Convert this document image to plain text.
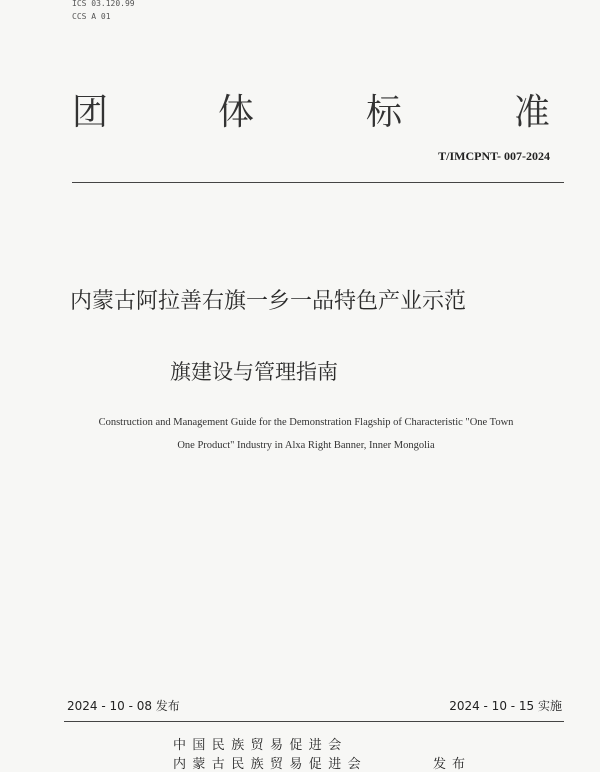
ICS 03.120.99
CCS A 01
团	体	标	准
T/IMCPNT- 007-2024
内蒙古阿拉善右旗一乡一品特色产业示范
旗建设与管理指南
Construction and Management Guide for the Demonstration Flagship of Characteristic "One Town
One Product" Industry in Alxa Right Banner, Inner Mongolia
2024 - 10 - 08 发布	2024 - 10 - 15 实施
中国民族贸易促进会
内蒙古民族贸易促进会	发布
